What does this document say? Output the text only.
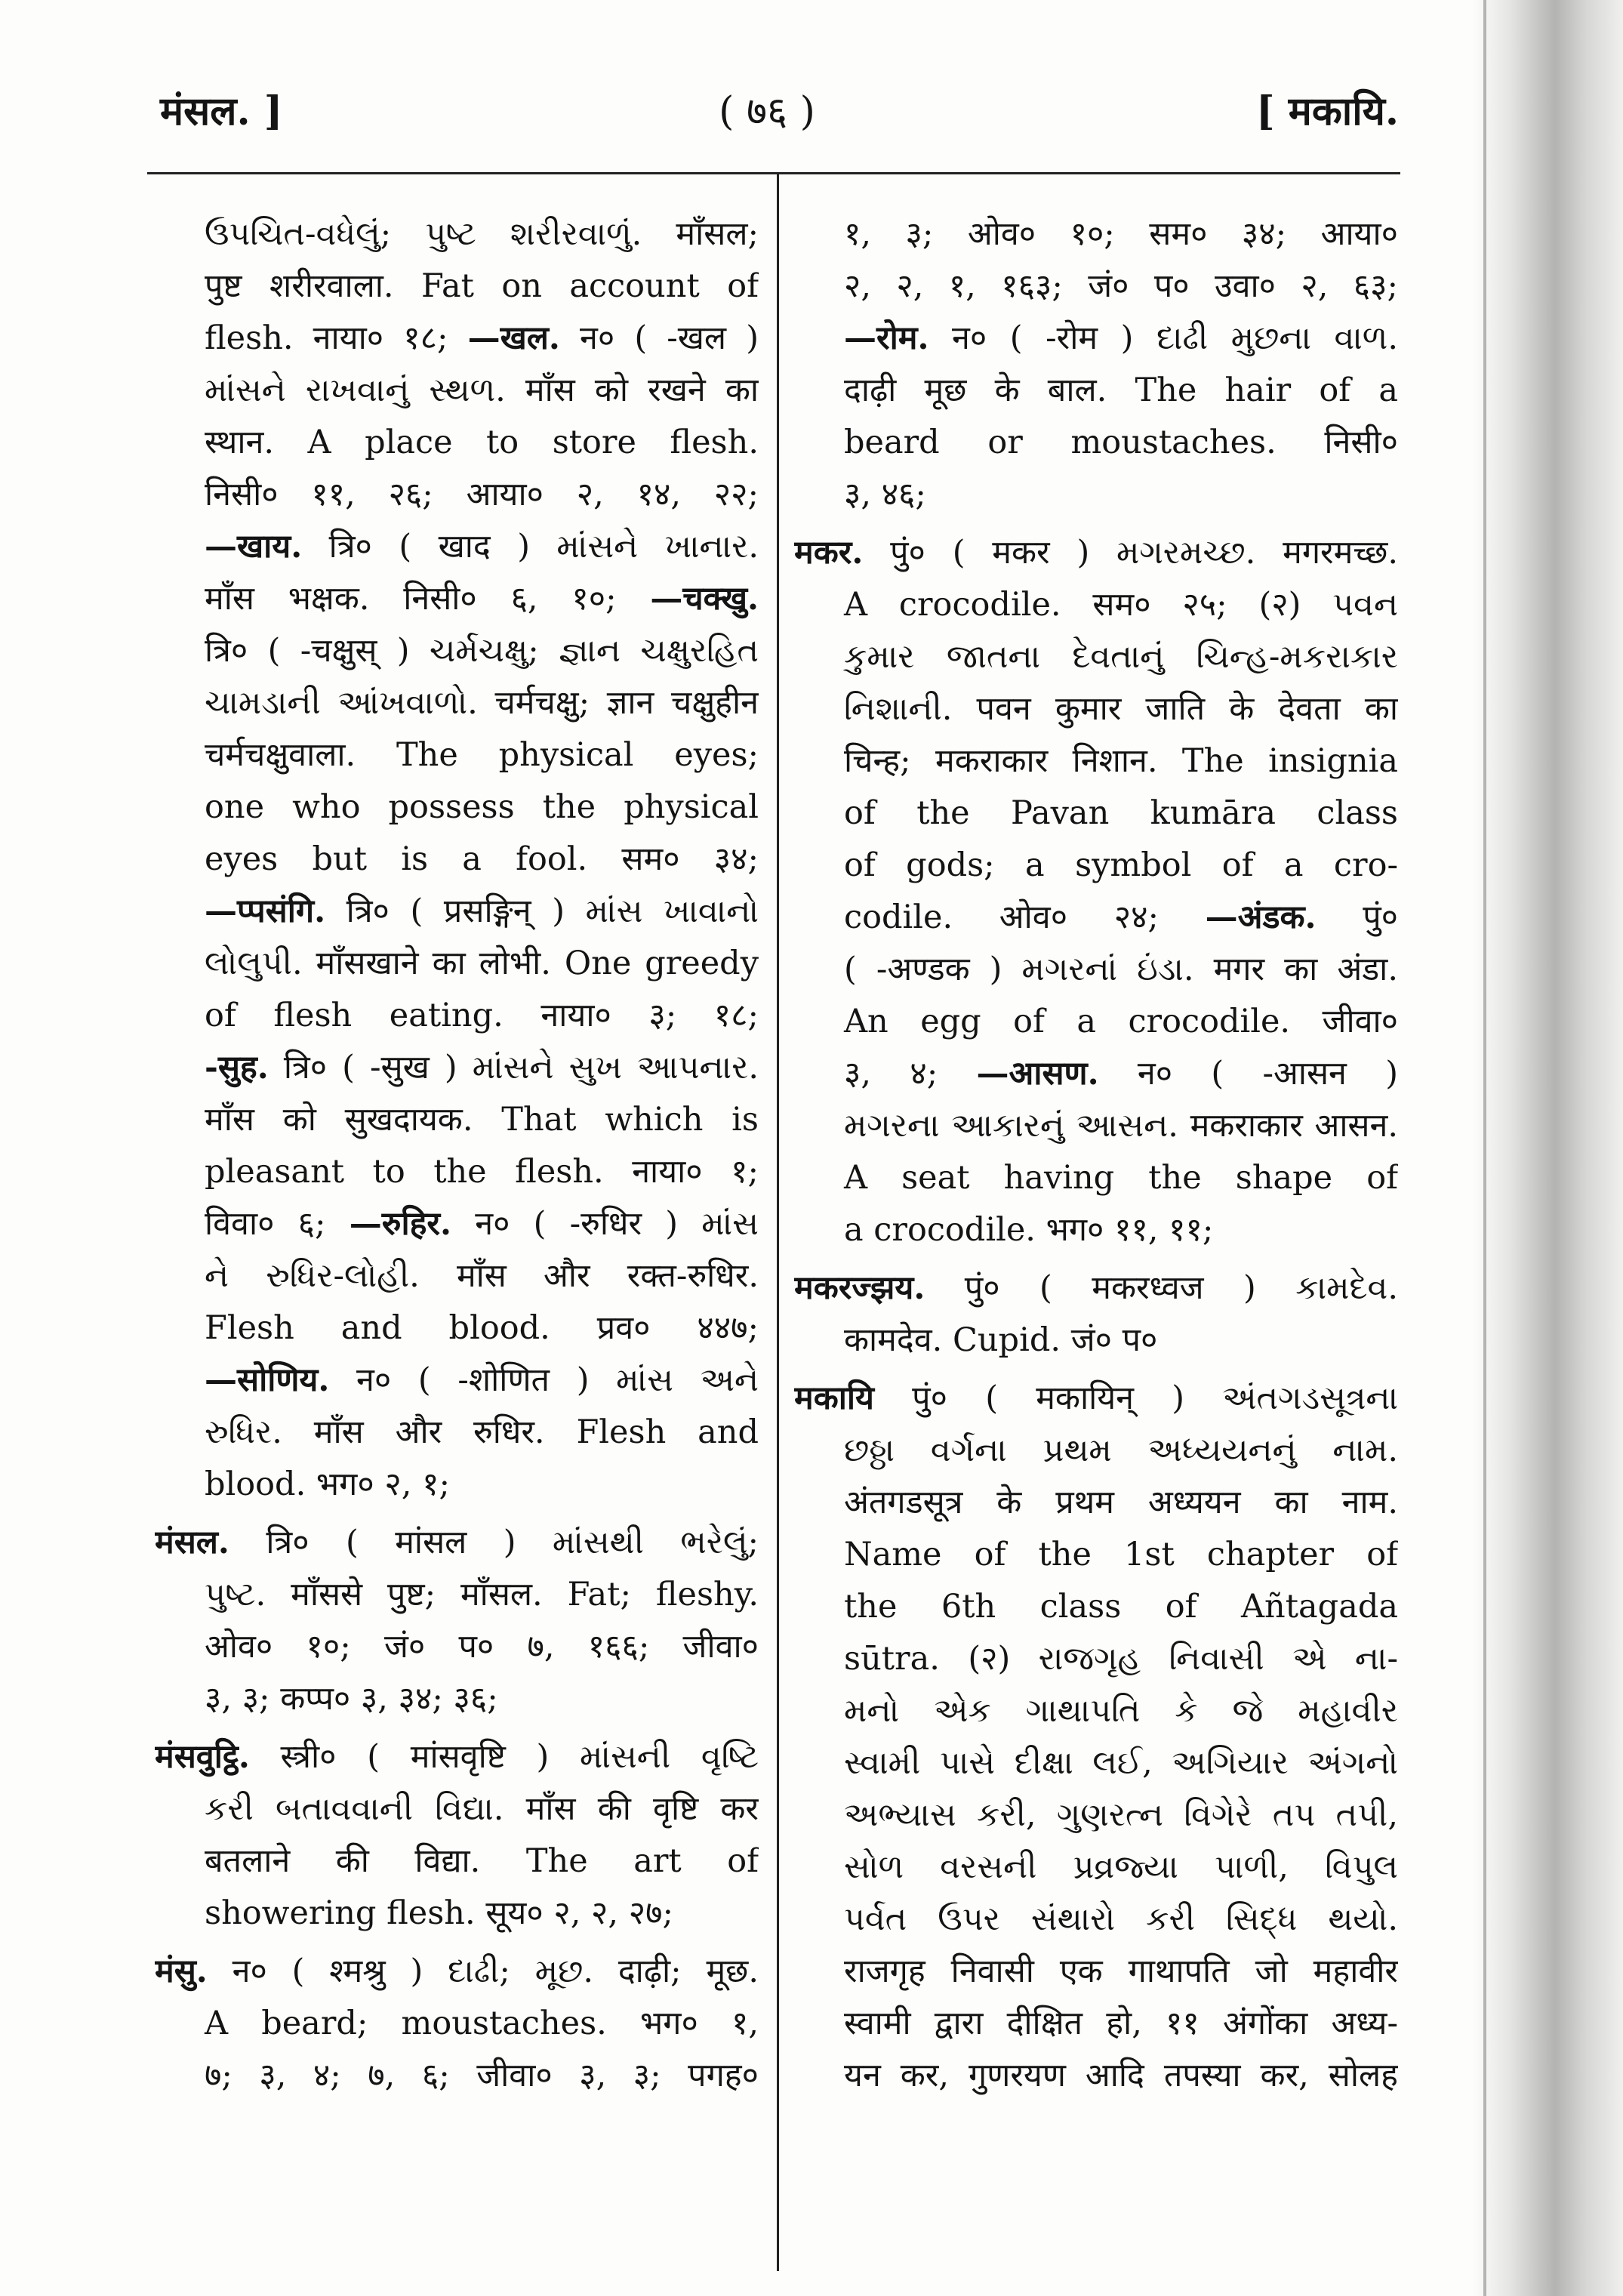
मंसल. ]	( ७६ )	[ मकायि.
ઉપચિત-વધેલું; પુષ્ટ શરીરવાળું. माँसल;
पुष्ट शरीरवाला. Fat on account of
flesh. नाया० १८; —खल. न० ( -खल )
માંસને રાખવાનું સ્થળ. माँस को रखने का
स्थान. A place to store flesh.
निसी० ११, २६; आया० २, १४, २२;
—खाय. त्रि० ( खाद ) માંસને ખાનાર.
माँस भक्षक. निसी० ६, १०; —चक्खु.
त्रि० ( -चक्षुस् ) ચર્મચક્ષુ; જ્ઞાન ચક્ષુરહિત
ચામડાની આંખવાળો. चर्मचक्षु; ज्ञान चक्षुहीन
चर्मचक्षुवाला. The physical eyes;
one who possess the physical
eyes but is a fool. सम० ३४;
—प्पसंगि. त्रि० ( प्रसङ्गिन् ) માંસ ખાવાનો
લોલુપી. माँसखाने का लोभी. One greedy
of flesh eating. नाया० ३; १८;
-सुह. त्रि० ( -सुख ) માંસને સુખ આપનાર.
माँस को सुखदायक. That which is
pleasant to the flesh. नाया० १;
विवा० ६; —रुहिर. न० ( -रुधिर ) માંસ
ને રુધિર-લોહી. माँस और रक्त-रुधिर.
Flesh and blood. प्रव० ४४७;
—सोणिय. न० ( -शोणित ) માંસ અને
રુધિર. माँस और रुधिर. Flesh and
blood. भग० २, १;
मंसल. त्रि० ( मांसल ) માંસથી ભરેલું;
પુષ્ટ. माँससे पुष्ट; माँसल. Fat; fleshy.
ओव० १०; जं० प० ७, १६६; जीवा०
३, ३; कप्प० ३, ३४; ३६;
मंसवुट्ठि. स्त्री० ( मांसवृष्टि ) માંસની વૃષ્ટિ
કરી બતાવવાની વિદ્યા. माँस की वृष्टि कर
बतलाने की विद्या. The art of
showering flesh. सूय० २, २, २७;
मंसु. न० ( श्मश्रु ) દાઢી; મૂછ. दाढ़ी; मूछ.
A beard; moustaches. भग० १,
७; ३, ४; ७, ६; जीवा० ३, ३; पगह०
१, ३; ओव० १०; सम० ३४; आया०
२, २, १, १६३; जं० प० उवा० २, ६३;
—रोम. न० ( -रोम ) દાઢી મુછના વાળ.
दाढ़ी मूछ के बाल. The hair of a
beard or moustaches. निसी०
३, ४६;
मकर. पुं० ( मकर ) મગરમચ્છ. मगरमच्छ.
A crocodile. सम० २५; (२) પવન
કુમાર જાતના દેવતાનું ચિન્હ-મકરાકાર
નિશાની. पवन कुमार जाति के देवता का
चिन्ह; मकराकार निशान. The insignia
of the Pavan kumāra class
of gods; a symbol of a cro-
codile. ओव० २४; —अंडक. पुं०
( -अण्डक ) મગરનાં ઇંડા. मगर का अंडा.
An egg of a crocodile. जीवा०
३, ४; —आसण. न० ( -आसन )
મગરના આકારનું આસન. मकराकार आसन.
A seat having the shape of
a crocodile. भग० ११, ११;
मकरज्झय. पुं० ( मकरध्वज ) કામદેવ.
कामदेव. Cupid. जं० प०
मकायि पुं० ( मकायिन् ) અંતગડસૂત્રના
છઠ્ઠા વર્ગના પ્રથમ અધ્યયનનું નામ.
अंतगडसूत्र के प्रथम अध्ययन का नाम.
Name of the 1st chapter of
the 6th class of Añtagada
sūtra. (२) રાજગૃહ નિવાસી એ ના-
મનો એક ગાથાપતિ કે જે મહાવીર
સ્વામી પાસે દીક્ષા લઈ, અગિયાર અંગનો
અભ્યાસ કરી, ગુણરત્ન વિગેરે તપ તપી,
સોળ વરસની પ્રવ્રજ્યા પાળી, વિપુલ
પર્વત ઉપર સંથારો કરી સિદ્ધ થયો.
राजगृह निवासी एक गाथापति जो महावीर
स्वामी द्वारा दीक्षित हो, ११ अंगोंका अध्य-
यन कर, गुणरयण आदि तपस्या कर, सोलह
